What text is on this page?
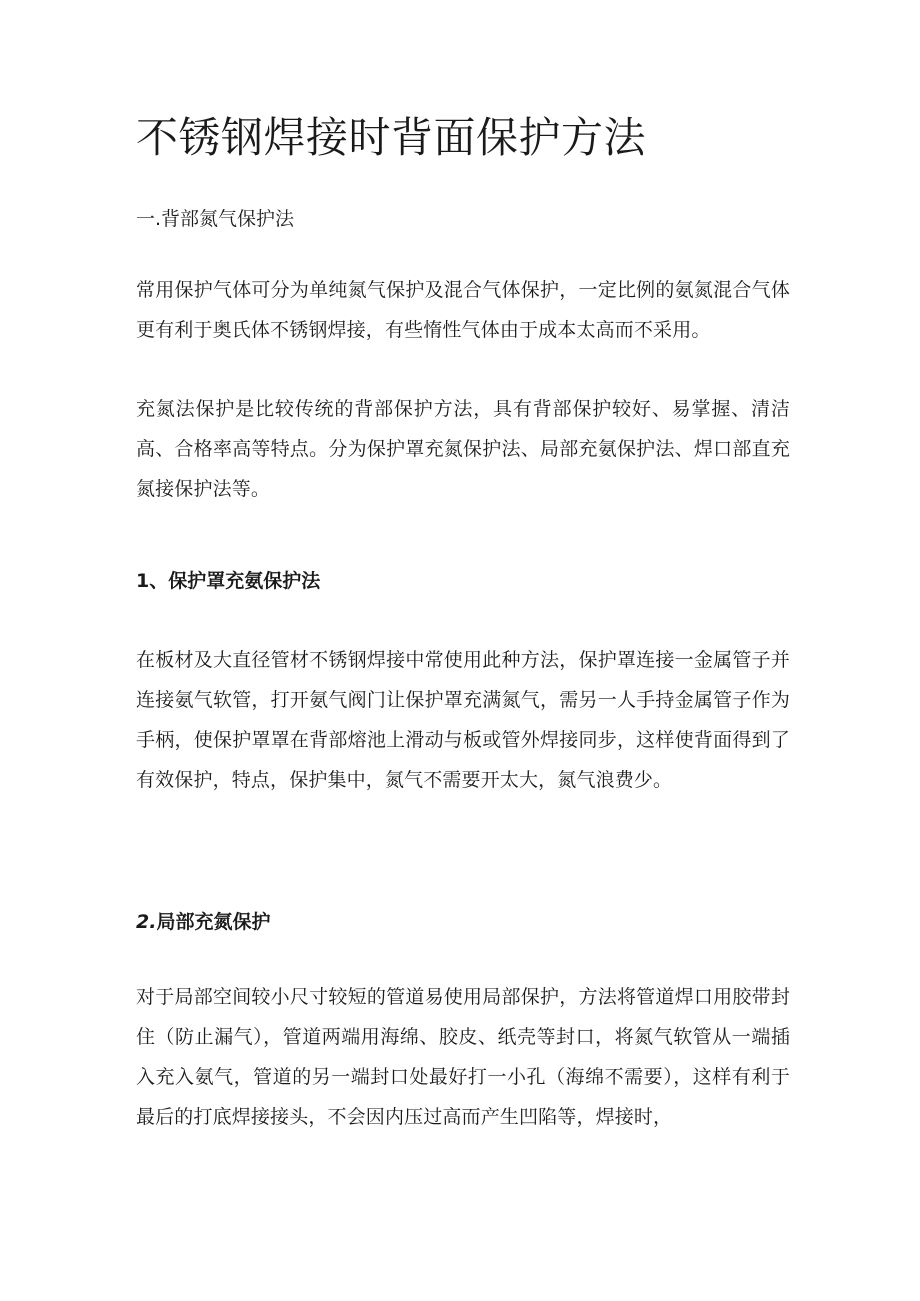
不锈钢焊接时背面保护方法
一.背部氮气保护法

常用保护气体可分为单纯氮气保护及混合气体保护，一定比例的氨氮混合气体更有利于奥氏体不锈钢焊接，有些惰性气体由于成本太高而不采用。

充氮法保护是比较传统的背部保护方法，具有背部保护较好、易掌握、清洁高、合格率高等特点。分为保护罩充氮保护法、局部充氨保护法、焊口部直充氮接保护法等。

1、保护罩充氨保护法

在板材及大直径管材不锈钢焊接中常使用此种方法，保护罩连接一金属管子并连接氨气软管，打开氨气阀门让保护罩充满氮气，需另一人手持金属管子作为手柄，使保护罩罩在背部熔池上滑动与板或管外焊接同步，这样使背面得到了有效保护，特点，保护集中，氮气不需要开太大，氮气浪费少。

2.局部充氮保护

对于局部空间较小尺寸较短的管道易使用局部保护，方法将管道焊口用胶带封住（防止漏气），管道两端用海绵、胶皮、纸壳等封口，将氮气软管从一端插入充入氨气，管道的另一端封口处最好打一小孔（海绵不需要），这样有利于最后的打底焊接接头，不会因内压过高而产生凹陷等，焊接时，
